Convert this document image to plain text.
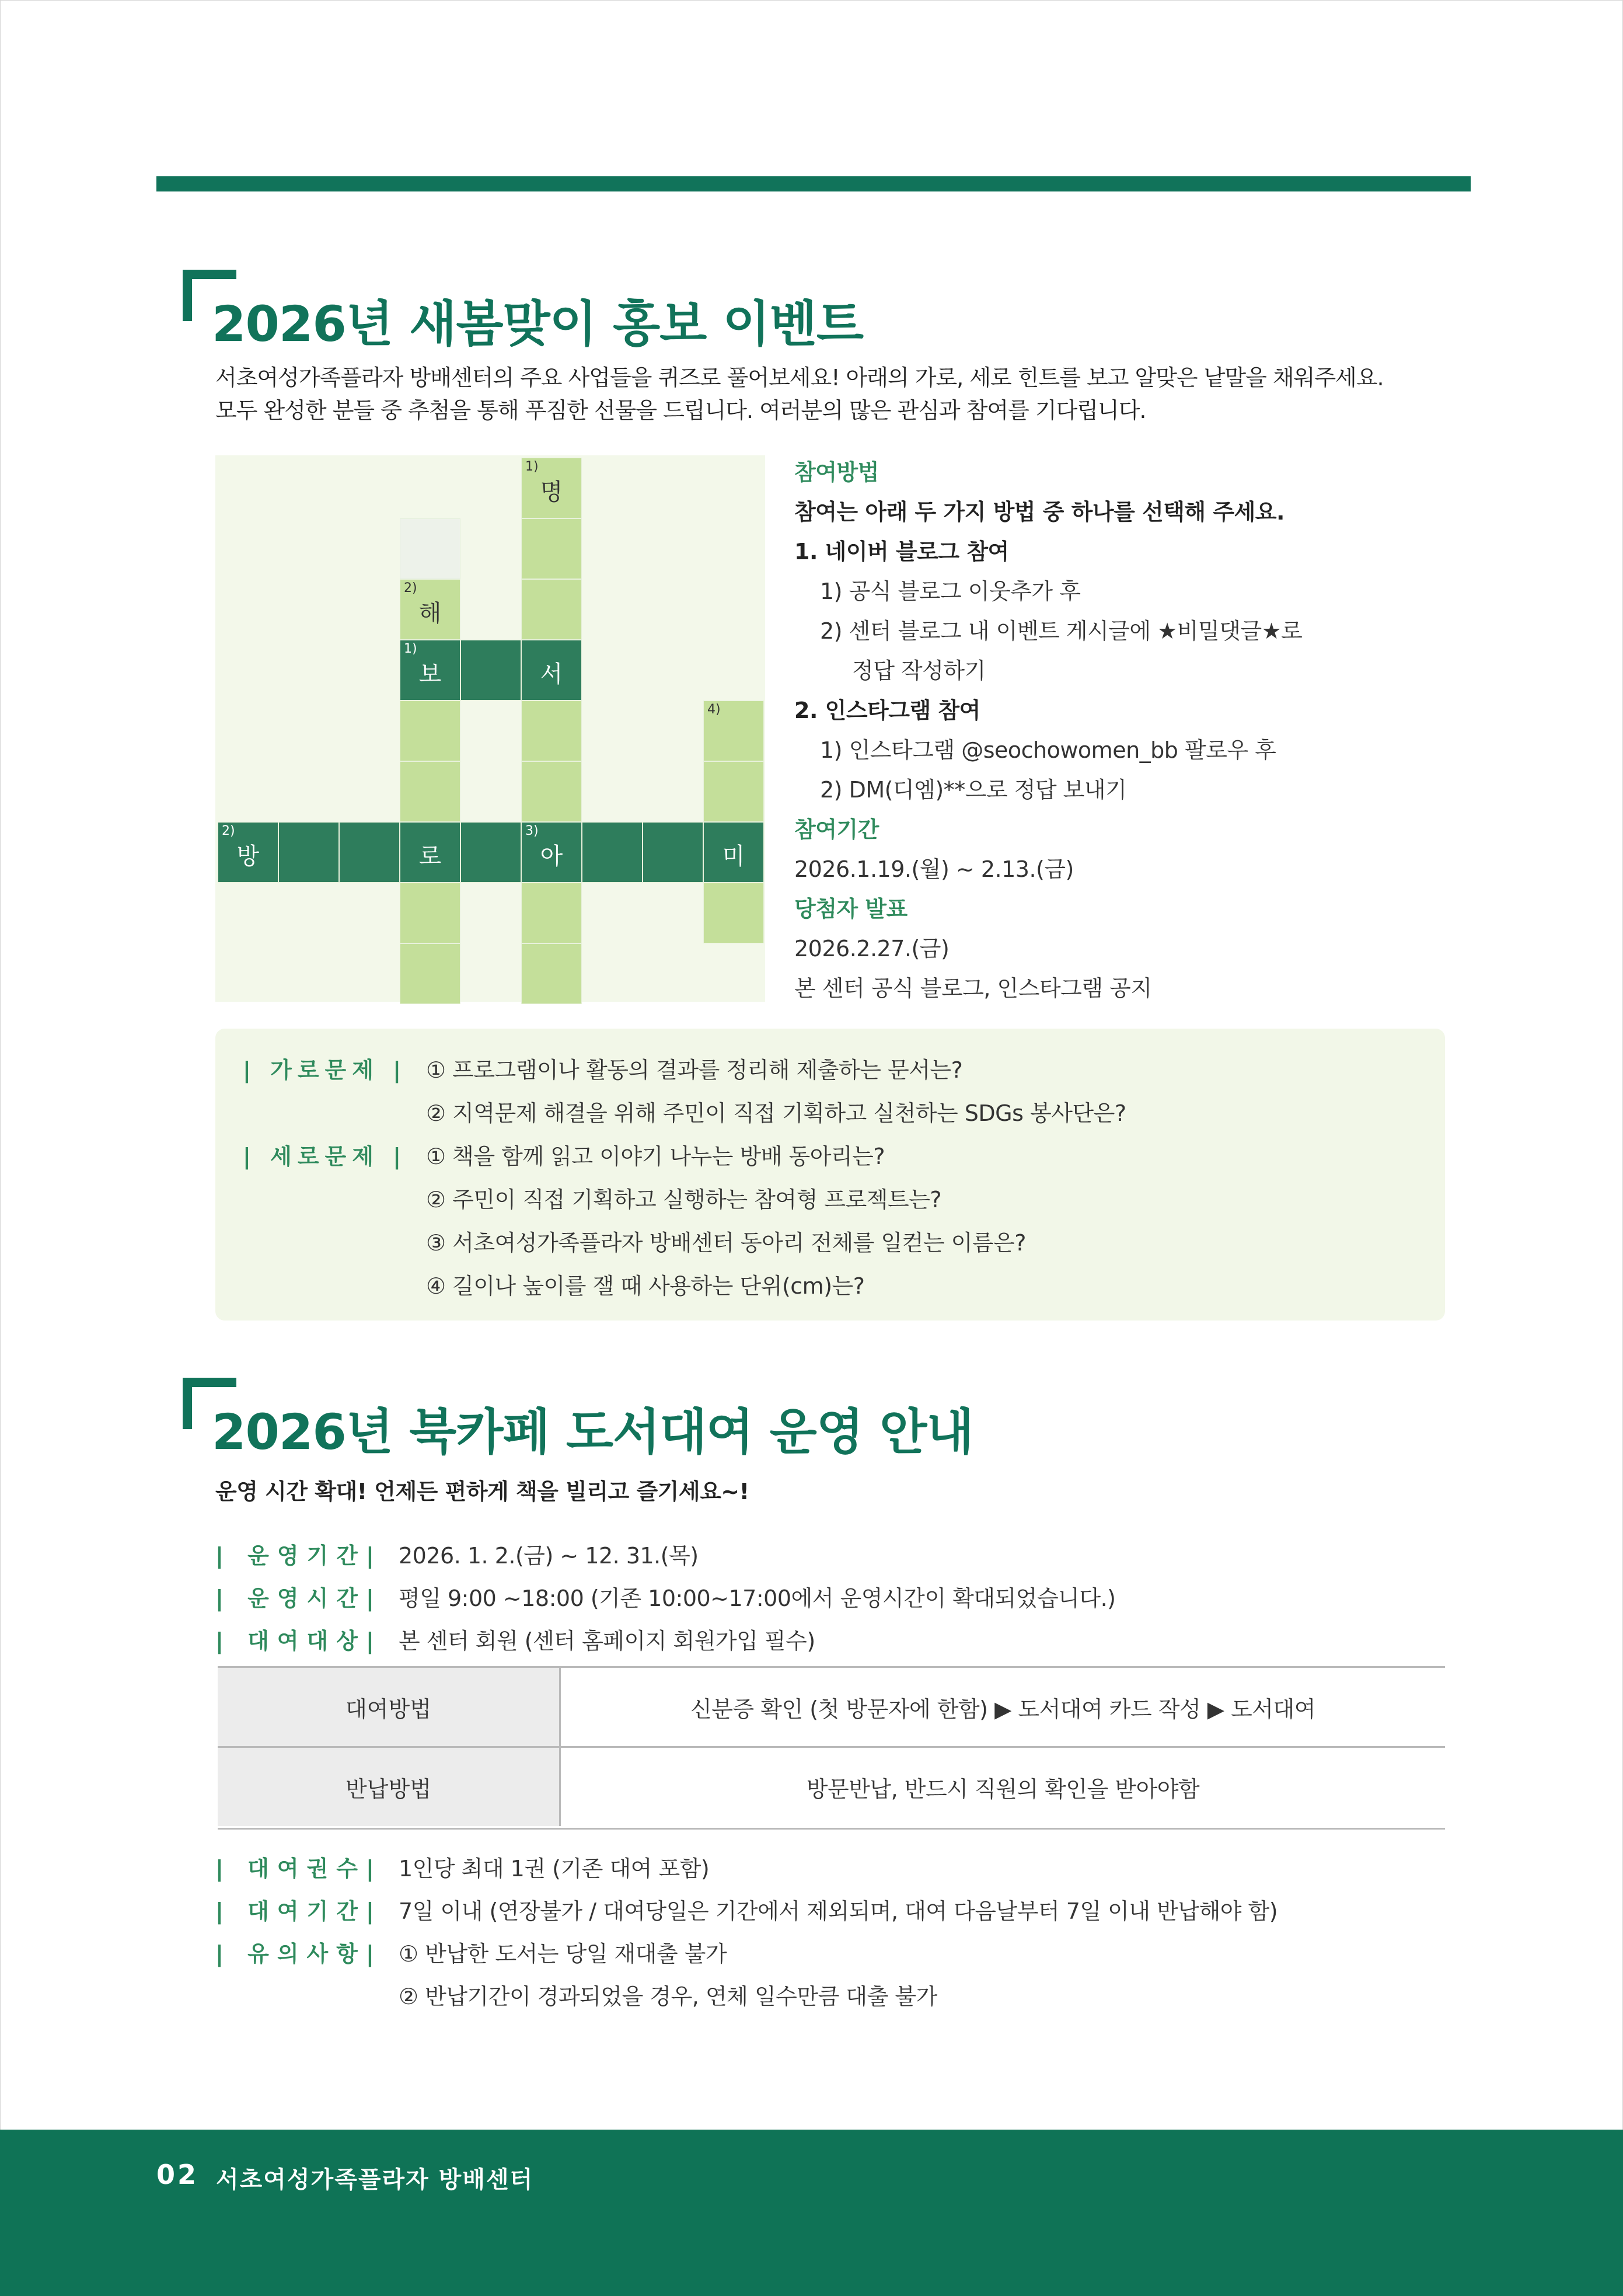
2026년 새봄맞이 홍보 이벤트
서초여성가족플라자 방배센터의 주요 사업들을 퀴즈로 풀어보세요! 아래의 가로, 세로 힌트를 보고 알맞은 낱말을 채워주세요.
모두 완성한 분들 중 추첨을 통해 푸짐한 선물을 드립니다. 여러분의 많은 관심과 참여를 기다립니다.
1)
명
2)
해
1)
보	서
4)
2)
방	로
3)
아	미
참여방법
참여는 아래 두 가지 방법 중 하나를 선택해 주세요.
1. 네이버 블로그 참여
1) 공식 블로그 이웃추가 후
2) 센터 블로그 내 이벤트 게시글에 ★비밀댓글★로
정답 작성하기
2. 인스타그램 참여
1) 인스타그램 @seochowomen_bb 팔로우 후
2) DM(디엠)**으로 정답 보내기
참여기간
2026.1.19.(월) ~ 2.13.(금)
당첨자 발표
2026.2.27.(금)
본 센터 공식 블로그, 인스타그램 공지
| 가로문제 | ① 프로그램이나 활동의 결과를 정리해 제출하는 문서는?
② 지역문제 해결을 위해 주민이 직접 기획하고 실천하는 SDGs 봉사단은?
| 세로문제 | ① 책을 함께 읽고 이야기 나누는 방배 동아리는?
② 주민이 직접 기획하고 실행하는 참여형 프로젝트는?
③ 서초여성가족플라자 방배센터 동아리 전체를 일컫는 이름은?
④ 길이나 높이를 잴 때 사용하는 단위(cm)는?
2026년 북카페 도서대여 운영 안내
운영 시간 확대! 언제든 편하게 책을 빌리고 즐기세요~!
| 운영기간| 2026. 1. 2.(금) ~ 12. 31.(목)
| 운영시간| 평일 9:00 ~18:00 (기존 10:00~17:00에서 운영시간이 확대되었습니다.)
| 대여대상| 본 센터 회원 (센터 홈페이지 회원가입 필수)
대여방법	신분증 확인 (첫 방문자에 한함) ▶ 도서대여 카드 작성 ▶ 도서대여
반납방법	방문반납, 반드시 직원의 확인을 받아야함
| 대여권수| 1인당 최대 1권 (기존 대여 포함)
| 대여기간| 7일 이내 (연장불가 / 대여당일은 기간에서 제외되며, 대여 다음날부터 7일 이내 반납해야 함)
| 유의사항| ① 반납한 도서는 당일 재대출 불가
② 반납기간이 경과되었을 경우, 연체 일수만큼 대출 불가
02 서초여성가족플라자 방배센터
